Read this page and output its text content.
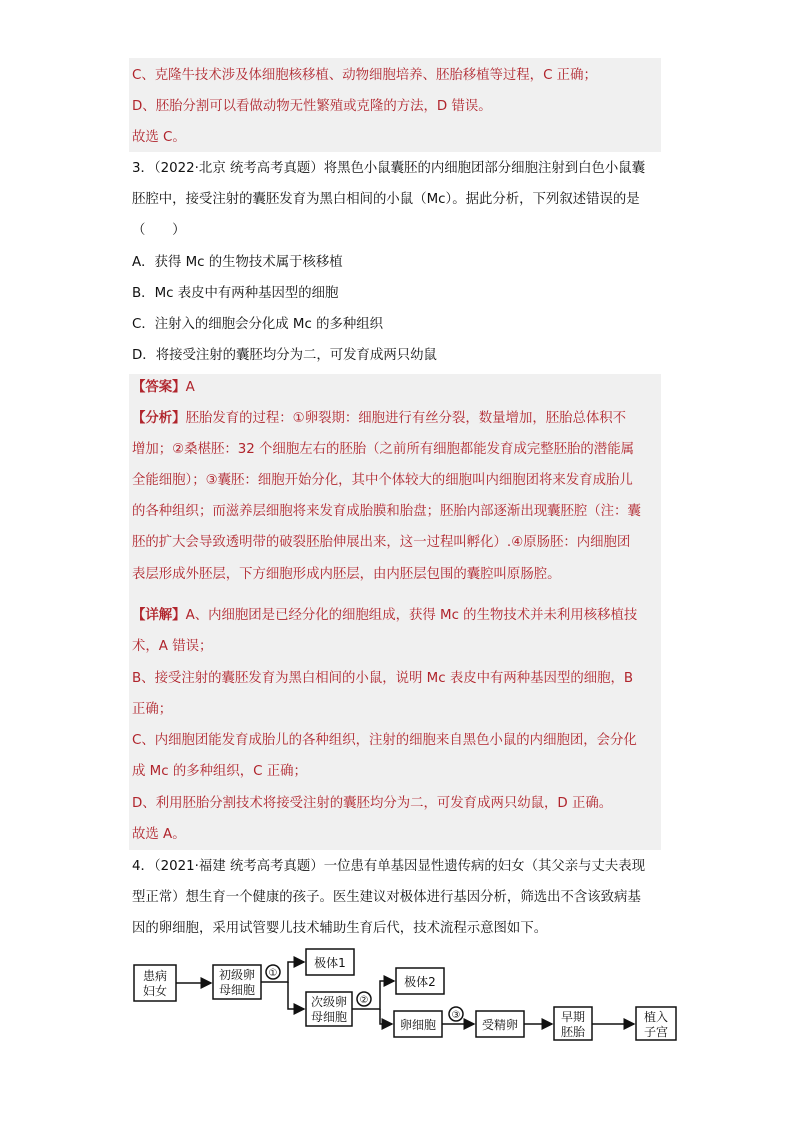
C、克隆牛技术涉及体细胞核移植、动物细胞培养、胚胎移植等过程，C 正确；
D、胚胎分割可以看做动物无性繁殖或克隆的方法，D 错误。
故选 C。
3．（2022·北京 统考高考真题）将黑色小鼠囊胚的内细胞团部分细胞注射到白色小鼠囊
胚腔中，接受注射的囊胚发育为黑白相间的小鼠（Mc）。据此分析，下列叙述错误的是
（　　）
A．获得 Mc 的生物技术属于核移植
B．Mc 表皮中有两种基因型的细胞
C．注射入的细胞会分化成 Mc 的多种组织
D．将接受注射的囊胚均分为二，可发育成两只幼鼠
【答案】A
【分析】胚胎发育的过程：①卵裂期：细胞进行有丝分裂，数量增加，胚胎总体积不
增加；②桑椹胚：32 个细胞左右的胚胎（之前所有细胞都能发育成完整胚胎的潜能属
全能细胞）；③囊胚：细胞开始分化，其中个体较大的细胞叫内细胞团将来发育成胎儿
的各种组织；而滋养层细胞将来发育成胎膜和胎盘；胚胎内部逐渐出现囊胚腔（注：囊
胚的扩大会导致透明带的破裂胚胎伸展出来，这一过程叫孵化）.④原肠胚：内细胞团
表层形成外胚层，下方细胞形成内胚层，由内胚层包围的囊腔叫原肠腔。
【详解】A、内细胞团是已经分化的细胞组成，获得 Mc 的生物技术并未利用核移植技
术，A 错误；
B、接受注射的囊胚发育为黑白相间的小鼠，说明 Mc 表皮中有两种基因型的细胞，B
正确；
C、内细胞团能发育成胎儿的各种组织，注射的细胞来自黑色小鼠的内细胞团，会分化
成 Mc 的多种组织，C 正确；
D、利用胚胎分割技术将接受注射的囊胚均分为二，可发育成两只幼鼠，D 正确。
故选 A。
4．（2021·福建 统考高考真题）一位患有单基因显性遗传病的妇女（其父亲与丈夫表现
型正常）想生育一个健康的孩子。医生建议对极体进行基因分析，筛选出不含该致病基
因的卵细胞，采用试管婴儿技术辅助生育后代，技术流程示意图如下。
患病
妇女
初级卵
母细胞
极体1
次级卵
母细胞
极体2
卵细胞	受精卵
早期
胚胎
植入
子宫
①
②
③
